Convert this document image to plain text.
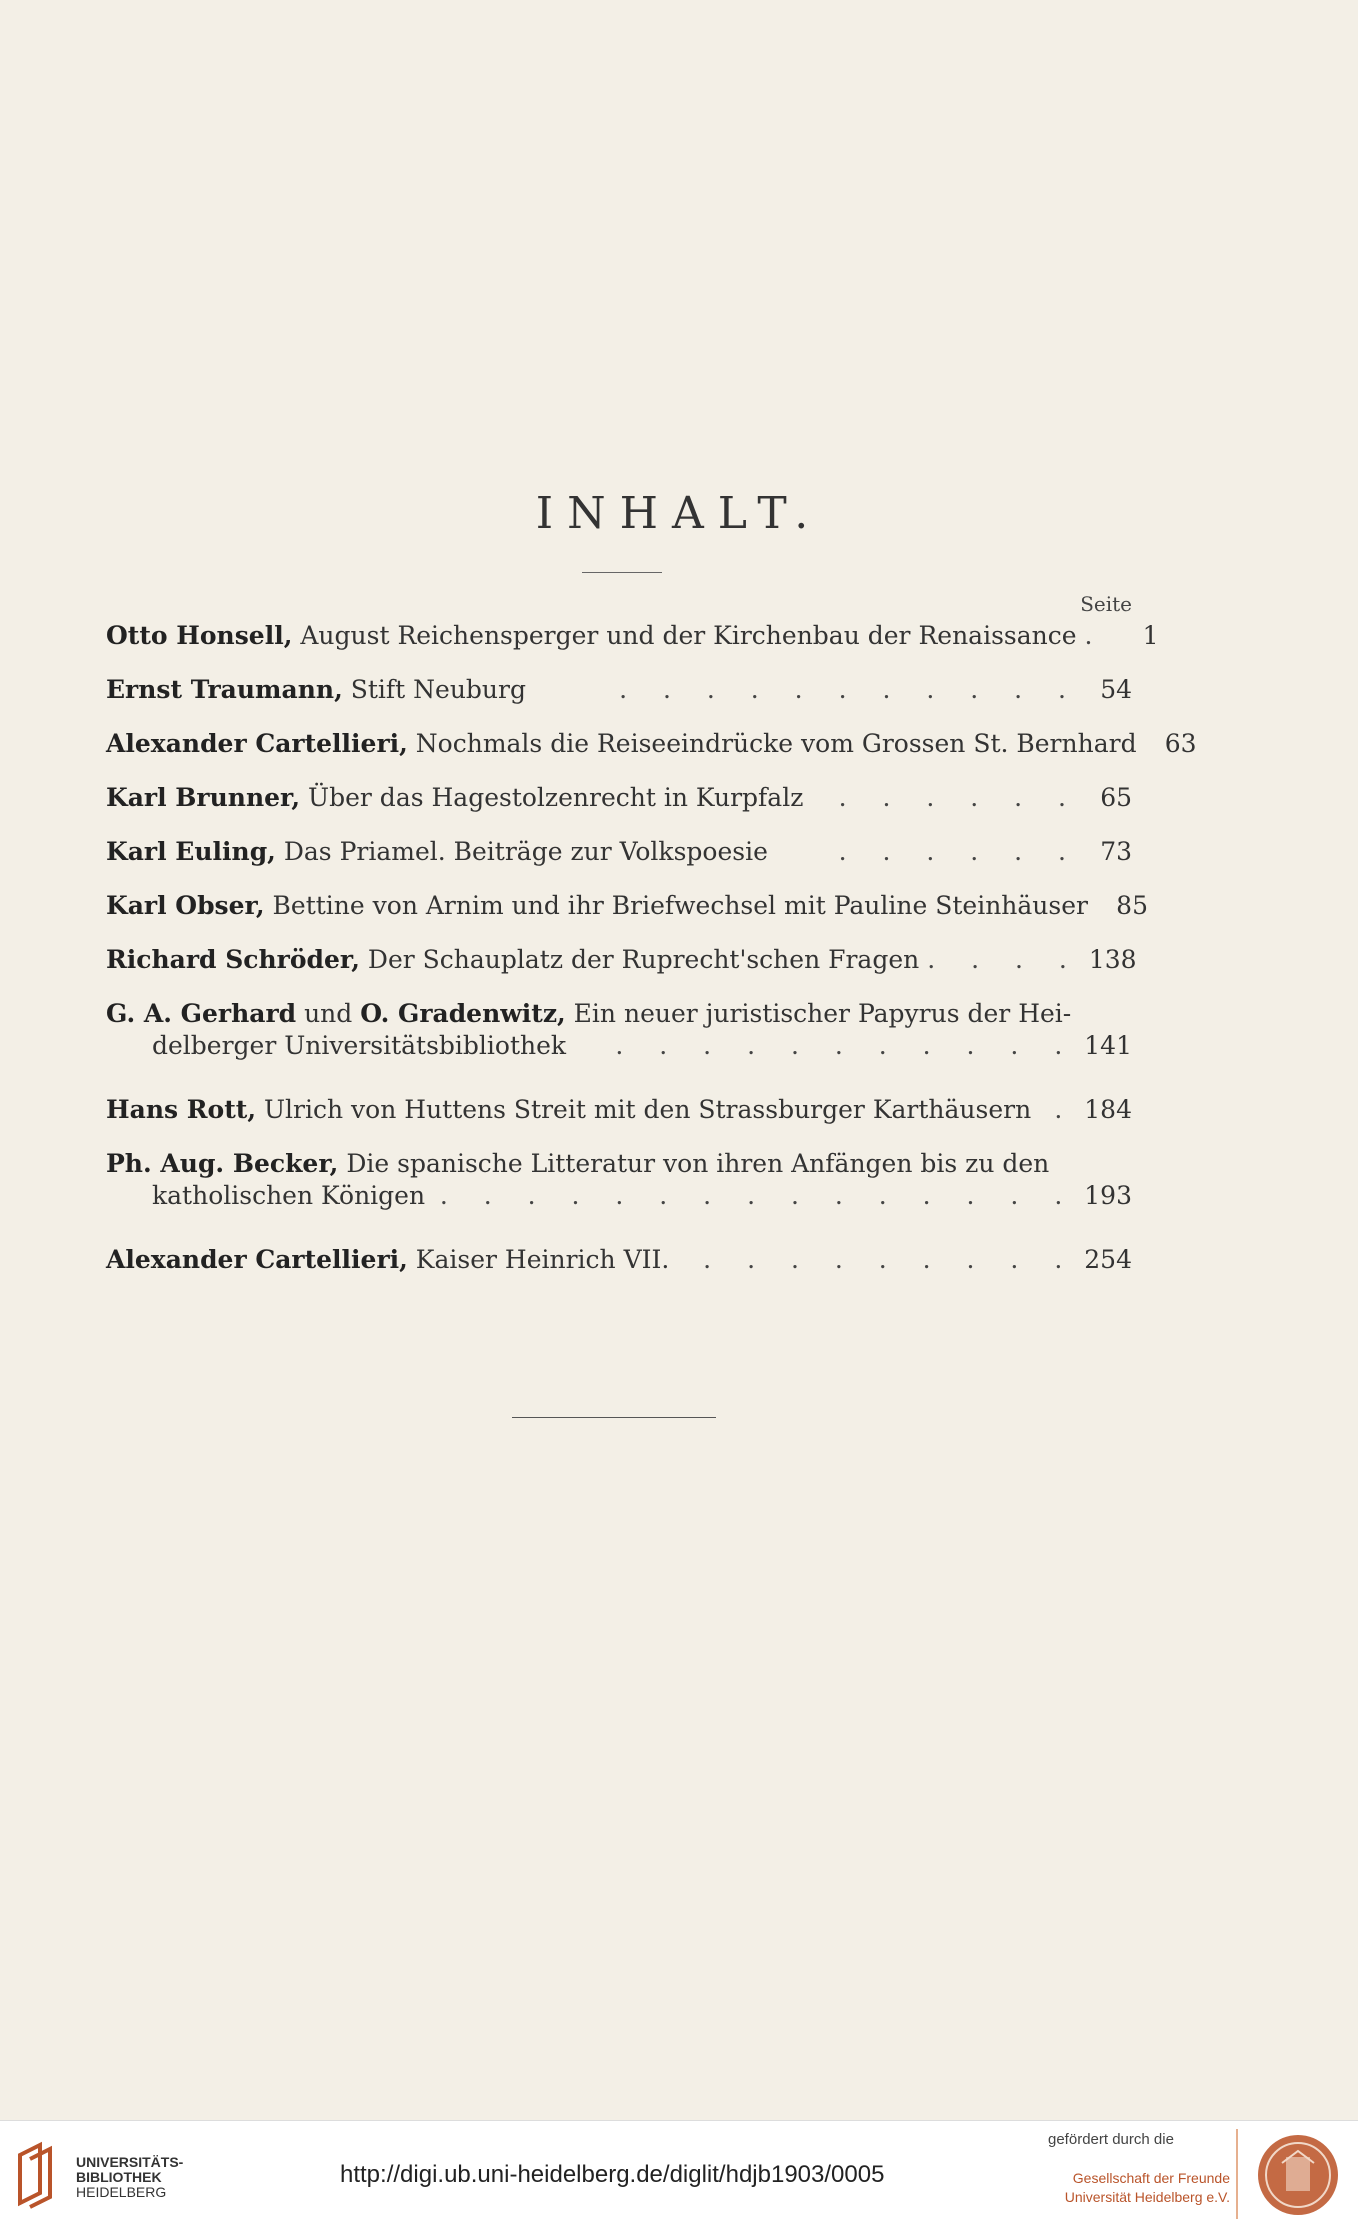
INHALT.
Seite
Otto Honsell,
August Reichensperger und der Kirchenbau der Renaissance .	1
Ernst Traumann,
Stift Neuburg	. . . . . . . . . . . 54
Alexander Cartellieri,
Nochmals die Reiseeindrücke vom Grossen St. Bernhard	63
Karl Brunner,
Über das Hagestolzenrecht in Kurpfalz	. . . . . . 65
Karl Euling,
Das Priamel. Beiträge zur Volkspoesie	. . . . . . 73
Karl Obser,
Bettine von Arnim und ihr Briefwechsel mit Pauline Steinhäuser	85
Richard Schröder,
Der Schauplatz der Ruprecht'schen Fragen . . . . 138
G. A. Gerhard
und
O. Gradenwitz,
Ein neuer juristischer Papyrus der Hei-
delberger Universitätsbibliothek	. . . . . . . . . . . 141
Hans Rott,
Ulrich von Huttens Streit mit den Strassburger Karthäusern . 184
Ph. Aug. Becker,
Die spanische Litteratur von ihren Anfängen bis zu den
katholischen Königen . . . . . . . . . . . . . . . 193
Alexander Cartellieri,
Kaiser Heinrich VII.	. . . . . . . . . 254
UNIVERSITÄTS-
BIBLIOTHEK
HEIDELBERG
http://digi.ub.uni-heidelberg.de/diglit/hdjb1903/0005
gefördert durch die
Gesellschaft der Freunde
Universität Heidelberg e.V.
